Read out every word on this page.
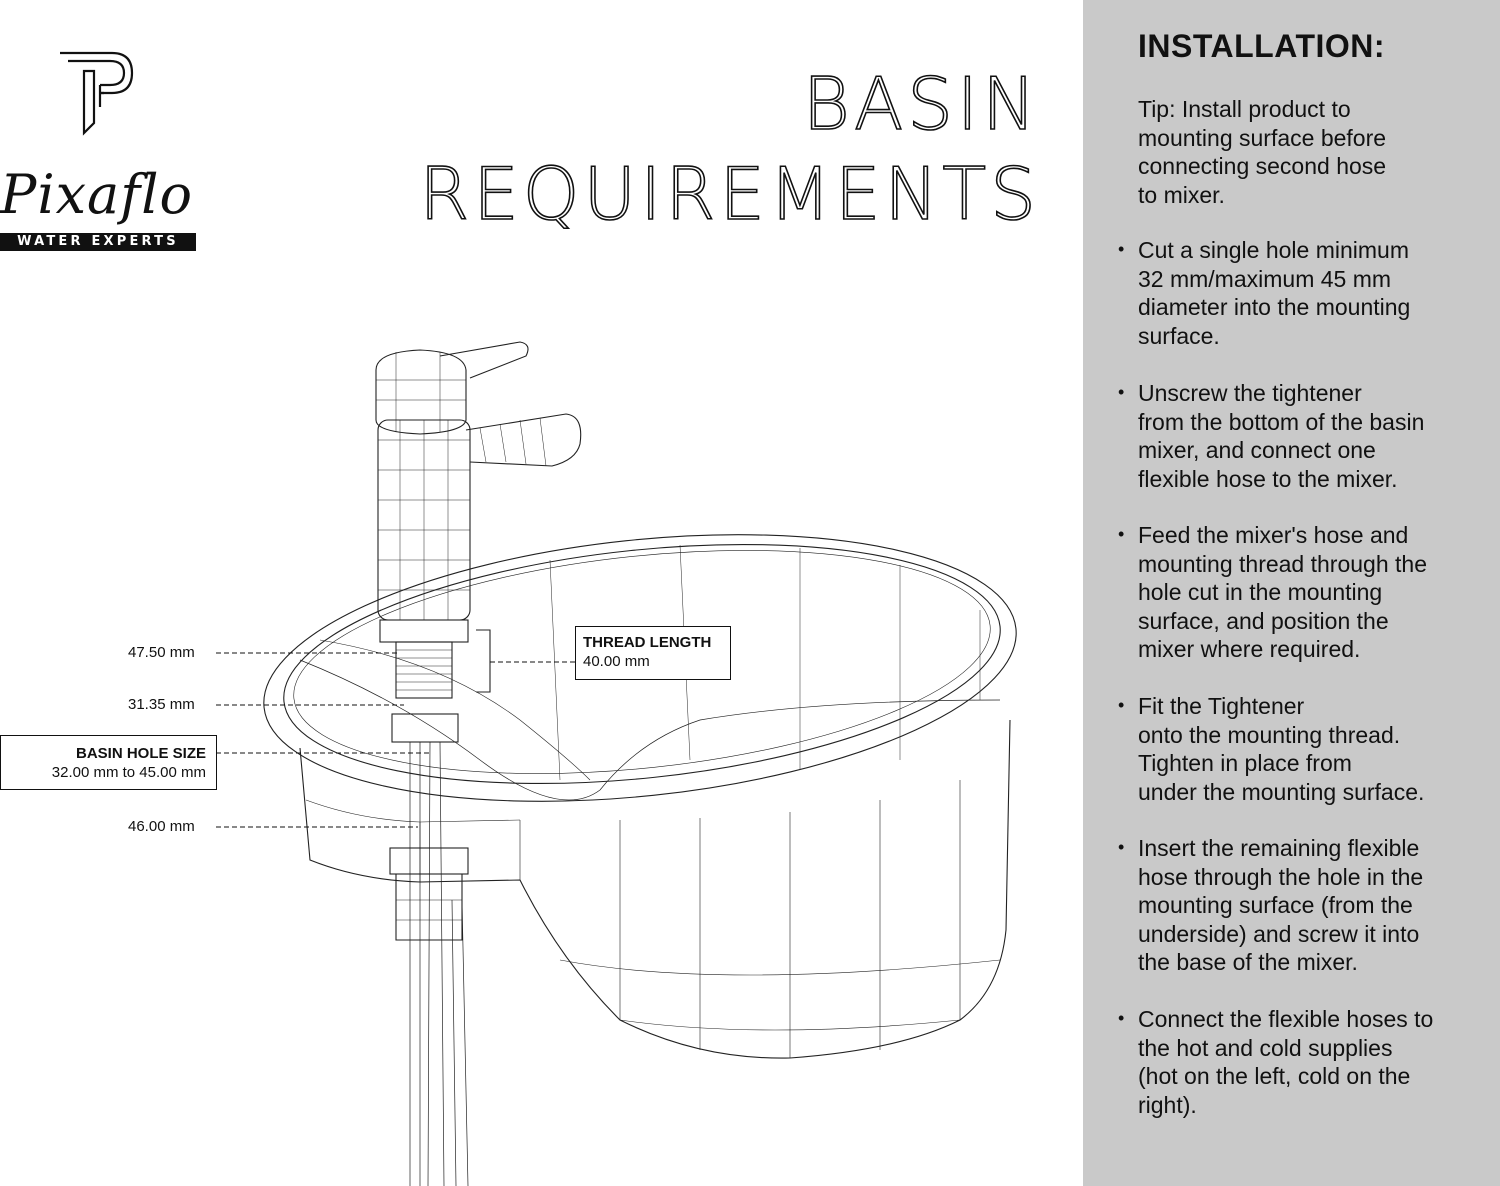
Pixaflo
WATER EXPERTS
BASIN
REQUIREMENTS
47.50 mm
31.35 mm
46.00 mm
THREAD LENGTH
40.00 mm
BASIN HOLE SIZE
32.00 mm to 45.00 mm
INSTALLATION:
Tip: Install product to
mounting surface before
connecting second hose
to mixer.
• Cut a single hole minimum
32 mm/maximum 45 mm
diameter into the mounting
surface.
• Unscrew the tightener
from the bottom of the basin
mixer, and connect one
flexible hose to the mixer.
• Feed the mixer's hose and
mounting thread through the
hole cut in the mounting
surface, and position the
mixer where required.
• Fit the Tightener
onto the mounting thread.
Tighten in place from
under the mounting surface.
• Insert the remaining flexible
hose through the hole in the
mounting surface (from the
underside) and screw it into
the base of the mixer.
• Connect the flexible hoses to
the hot and cold supplies
(hot on the left, cold on the
right).
